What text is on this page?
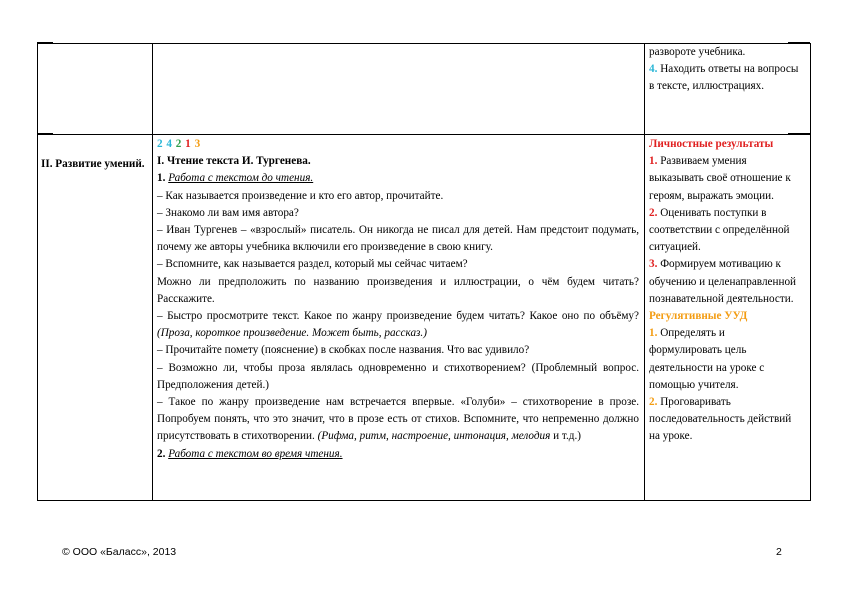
развороте учебника.

4. Находить ответы на вопросы в тексте, иллюстрациях.

II. Развитие умений.

2 4 2 1 3

I. Чтение текста И. Тургенева.

1. Работа с текстом до чтения.

– Как называется произведение и кто его автор, прочитайте.

– Знакомо ли вам имя автора?

– Иван Тургенев – «взрослый» писатель. Он никогда не писал для детей. Нам предстоит подумать, почему же авторы учебника включили его произведение в свою книгу.

– Вспомните, как называется раздел, который мы сейчас читаем?

Можно ли предположить по названию произведения и иллюстрации, о чём будем читать? Расскажите.

– Быстро просмотрите текст. Какое по жанру произведение будем читать? Какое оно по объёму? (Проза, короткое произведение. Может быть, рассказ.)

– Прочитайте помету (пояснение) в скобках после названия. Что вас удивило?

– Возможно ли, чтобы проза являлась одновременно и стихотворением? (Проблемный вопрос. Предположения детей.)

– Такое по жанру произведение нам встречается впервые. «Голуби» – стихотворение в прозе. Попробуем понять, что это значит, что в прозе есть от стихов. Вспомните, что непременно должно присутствовать в стихотворении. (Рифма, ритм, настроение, интонация, мелодия и т.д.)

2. Работа с текстом во время чтения.

Личностные результаты

1. Развиваем умения выказывать своё отношение к героям, выражать эмоции.

2. Оценивать поступки в соответствии с определённой ситуацией.

3. Формируем мотивацию к обучению и целенаправленной познавательной деятельности.

Регулятивные УУД

1. Определять и формулировать цель деятельности на уроке с помощью учителя.

2. Проговаривать последовательность действий на уроке.

© ООО «Баласс», 2013	2
